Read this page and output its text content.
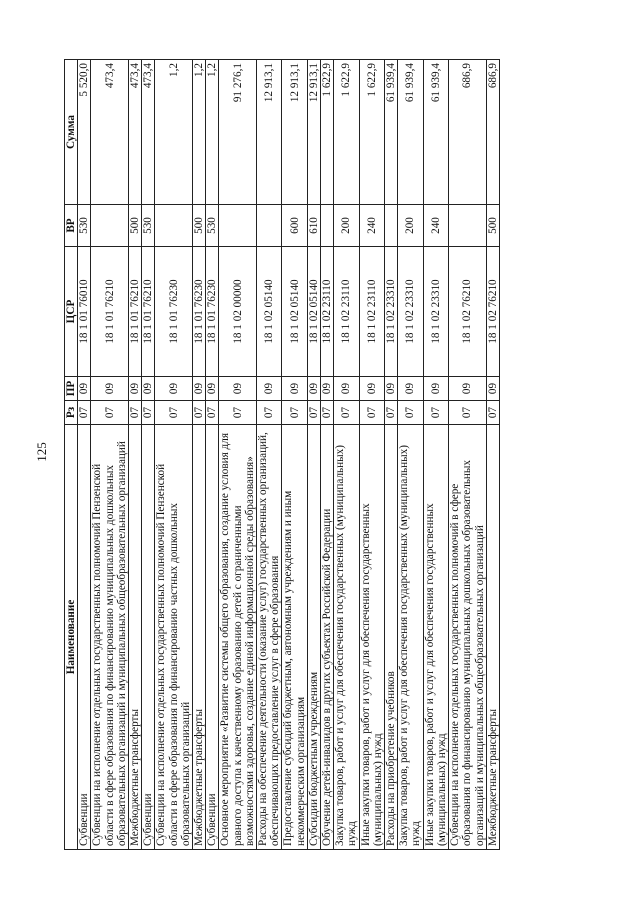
125
Наименование	Рз	ПР	ЦСР	ВР	Сумма
Субвенции	07	09	18 1 01 76010	530	5 520,0
Субвенции на исполнение отдельных государственных полномочий Пензенской области в сфере образования по финансированию муниципальных дошкольных образовательных организаций и муниципальных общеобразовательных организаций	07	09	18 1 01 76210		473,4
Межбюджетные трансферты	07	09	18 1 01 76210	500	473,4
Субвенции	07	09	18 1 01 76210	530	473,4
Субвенции на исполнение отдельных государственных полномочий Пензенской области в сфере образования по финансированию частных дошкольных образовательных организаций	07	09	18 1 01 76230		1,2
Межбюджетные трансферты	07	09	18 1 01 76230	500	1,2
Субвенции	07	09	18 1 01 76230	530	1,2
Основное мероприятие «Развитие системы общего образования, создание условия для равного доступа к качественному образованию детей с ограниченными возможностями здоровья, создание единой информационной среды образования»	07	09	18 1 02 00000		91 276,1
Расходы на обеспечение деятельности (оказание услуг) государственных организаций, обеспечивающих предоставление услуг в сфере образования	07	09	18 1 02 05140		12 913,1
Предоставление субсидий бюджетным, автономным учреждениям и иным некоммерческим организациям	07	09	18 1 02 05140	600	12 913,1
Субсидии бюджетным учреждениям	07	09	18 1 02 05140	610	12 913,1
Обучение детей-инвалидов в других субъектах Российской Федерации	07	09	18 1 02 23110		1 622,9
Закупка товаров, работ и услуг для обеспечения государственных (муниципальных) нужд	07	09	18 1 02 23110	200	1 622,9
Иные закупки товаров, работ и услуг для обеспечения государственных (муниципальных) нужд	07	09	18 1 02 23110	240	1 622,9
Расходы на приобретение учебников	07	09	18 1 02 23310		61 939,4
Закупка товаров, работ и услуг для обеспечения государственных (муниципальных) нужд	07	09	18 1 02 23310	200	61 939,4
Иные закупки товаров, работ и услуг для обеспечения государственных (муниципальных) нужд	07	09	18 1 02 23310	240	61 939,4
Субвенции на исполнение отдельных государственных полномочий в сфере образования по финансированию муниципальных дошкольных образовательных организаций и муниципальных общеобразовательных организаций	07	09	18 1 02 76210		686,9
Межбюджетные трансферты	07	09	18 1 02 76210	500	686,9
